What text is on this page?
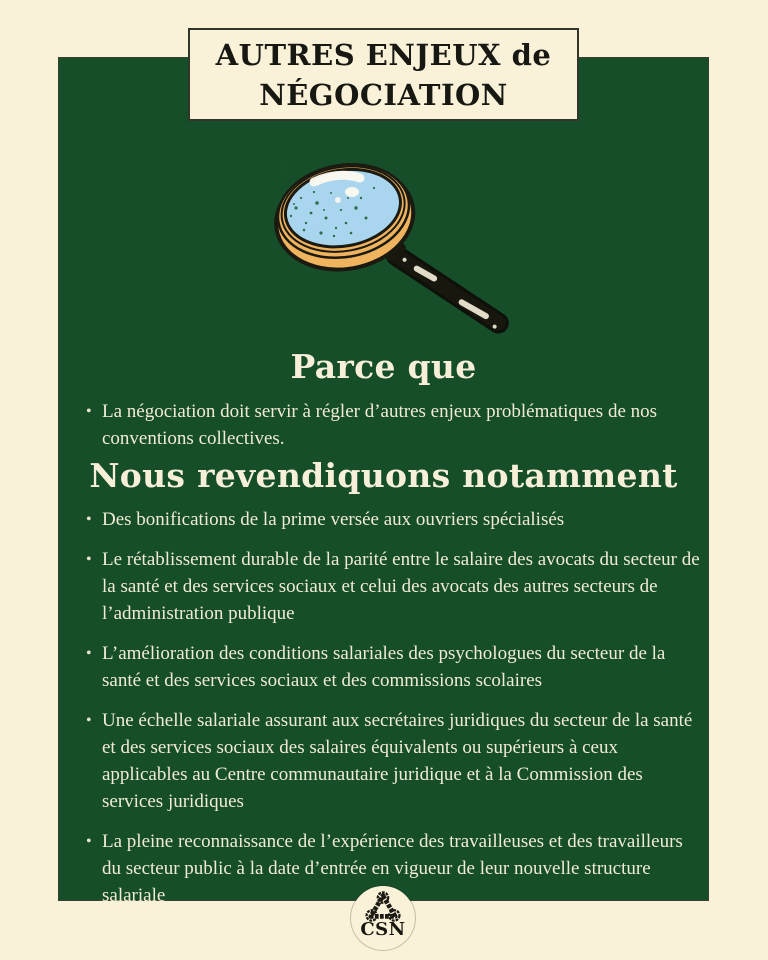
AUTRES ENJEUX de
NÉGOCIATION
Parce que
• La négociation doit servir à régler d’autres enjeux problématiques de nos conventions collectives.
Nous revendiquons notamment
• Des bonifications de la prime versée aux ouvriers spécialisés
• Le rétablissement durable de la parité entre le salaire des avocats du secteur de la santé et des services sociaux et celui des avocats des autres secteurs de l’administration publique
• L’amélioration des conditions salariales des psychologues du secteur de la santé et des services sociaux et des commissions scolaires
• Une échelle salariale assurant aux secrétaires juridiques du secteur de la santé et des services sociaux des salaires équivalents ou supérieurs à ceux applicables au Centre communautaire juridique et à la Commission des services juridiques
• La pleine reconnaissance de l’expérience des travailleuses et des travailleurs du secteur public à la date d’entrée en vigueur de leur nouvelle structure salariale
CSN
